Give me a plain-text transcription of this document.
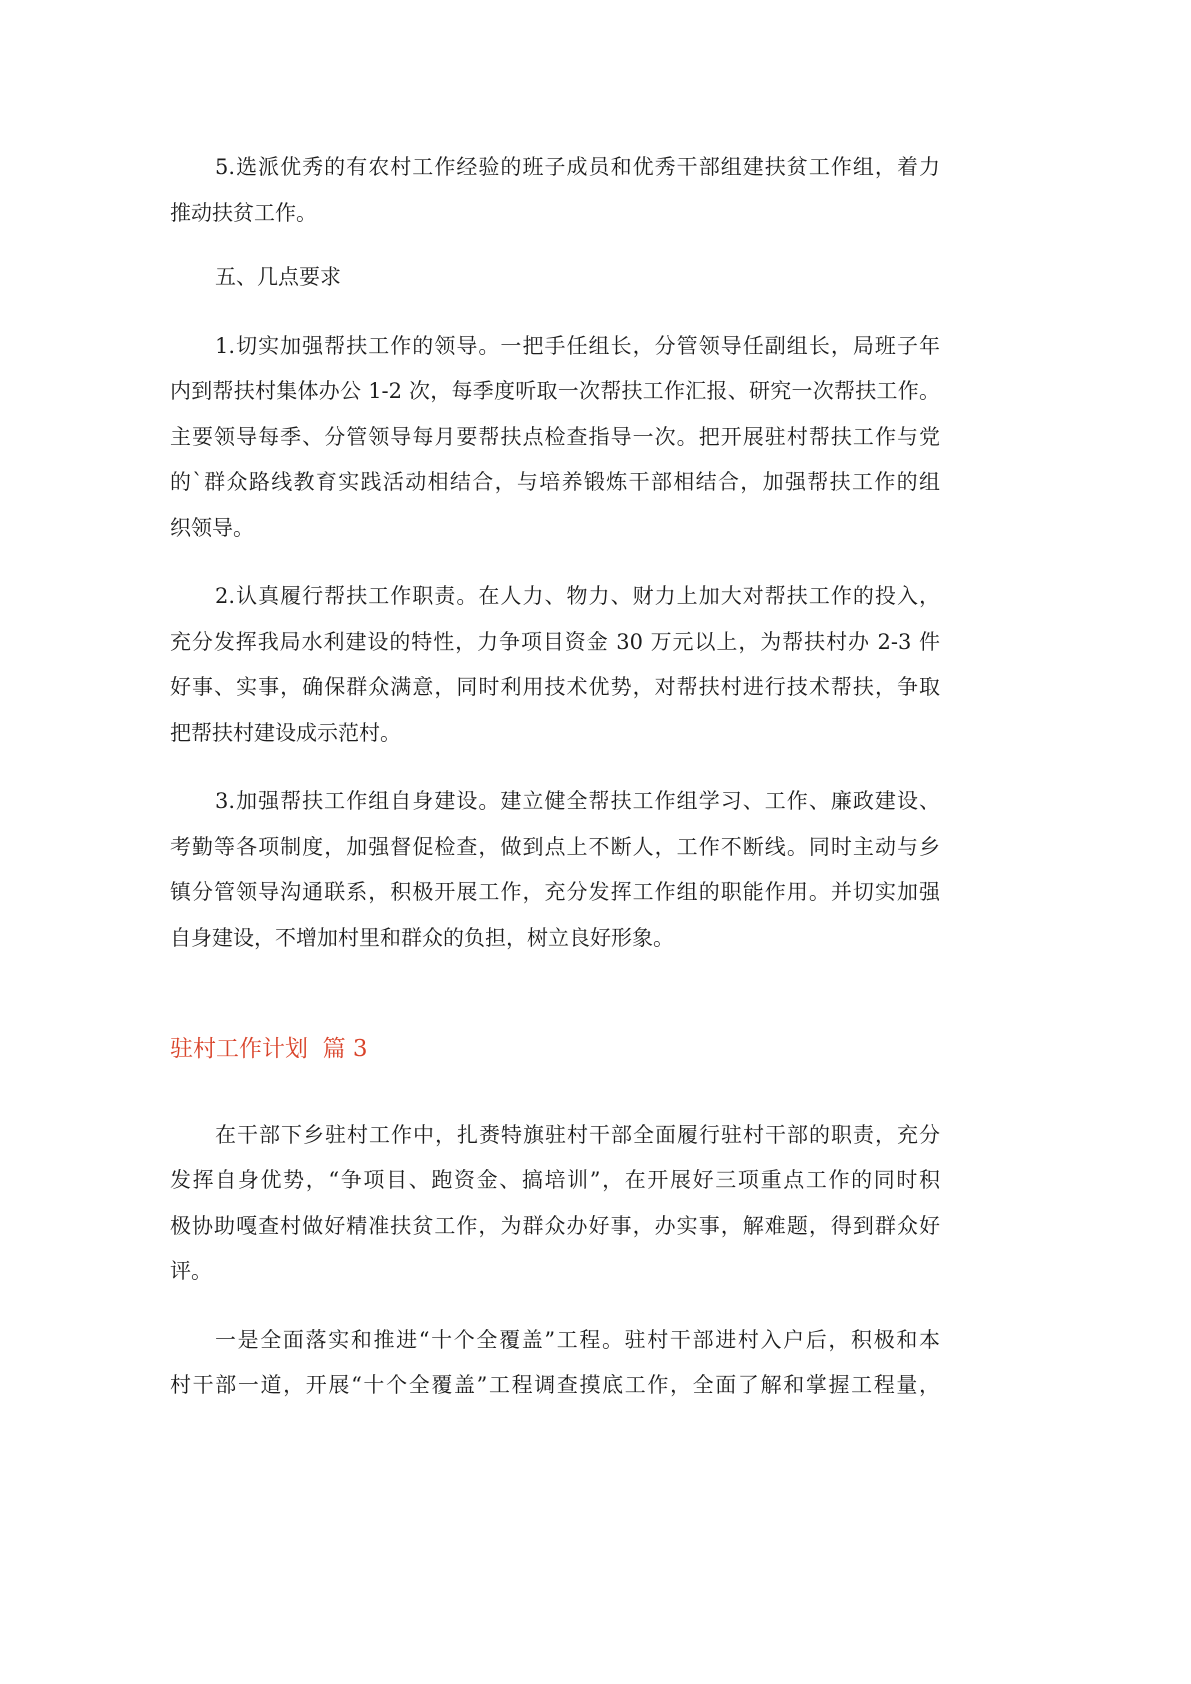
5.选派优秀的有农村工作经验的班子成员和优秀干部组建扶贫工作组，着力
推动扶贫工作。
五、几点要求
1.切实加强帮扶工作的领导。一把手任组长，分管领导任副组长，局班子年
内到帮扶村集体办公 1-2 次，每季度听取一次帮扶工作汇报、研究一次帮扶工作。
主要领导每季、分管领导每月要帮扶点检查指导一次。把开展驻村帮扶工作与党
的`群众路线教育实践活动相结合，与培养锻炼干部相结合，加强帮扶工作的组
织领导。
2.认真履行帮扶工作职责。在人力、物力、财力上加大对帮扶工作的投入，
充分发挥我局水利建设的特性，力争项目资金 30 万元以上，为帮扶村办 2-3 件
好事、实事，确保群众满意，同时利用技术优势，对帮扶村进行技术帮扶，争取
把帮扶村建设成示范村。
3.加强帮扶工作组自身建设。建立健全帮扶工作组学习、工作、廉政建设、
考勤等各项制度，加强督促检查，做到点上不断人，工作不断线。同时主动与乡
镇分管领导沟通联系，积极开展工作，充分发挥工作组的职能作用。并切实加强
自身建设，不增加村里和群众的负担，树立良好形象。
驻村工作计划  篇 3
在干部下乡驻村工作中，扎赉特旗驻村干部全面履行驻村干部的职责，充分
发挥自身优势，“争项目、跑资金、搞培训”，在开展好三项重点工作的同时积
极协助嘎查村做好精准扶贫工作，为群众办好事，办实事，解难题，得到群众好
评。
一是全面落实和推进“十个全覆盖”工程。驻村干部进村入户后，积极和本
村干部一道，开展“十个全覆盖”工程调查摸底工作，全面了解和掌握工程量，
